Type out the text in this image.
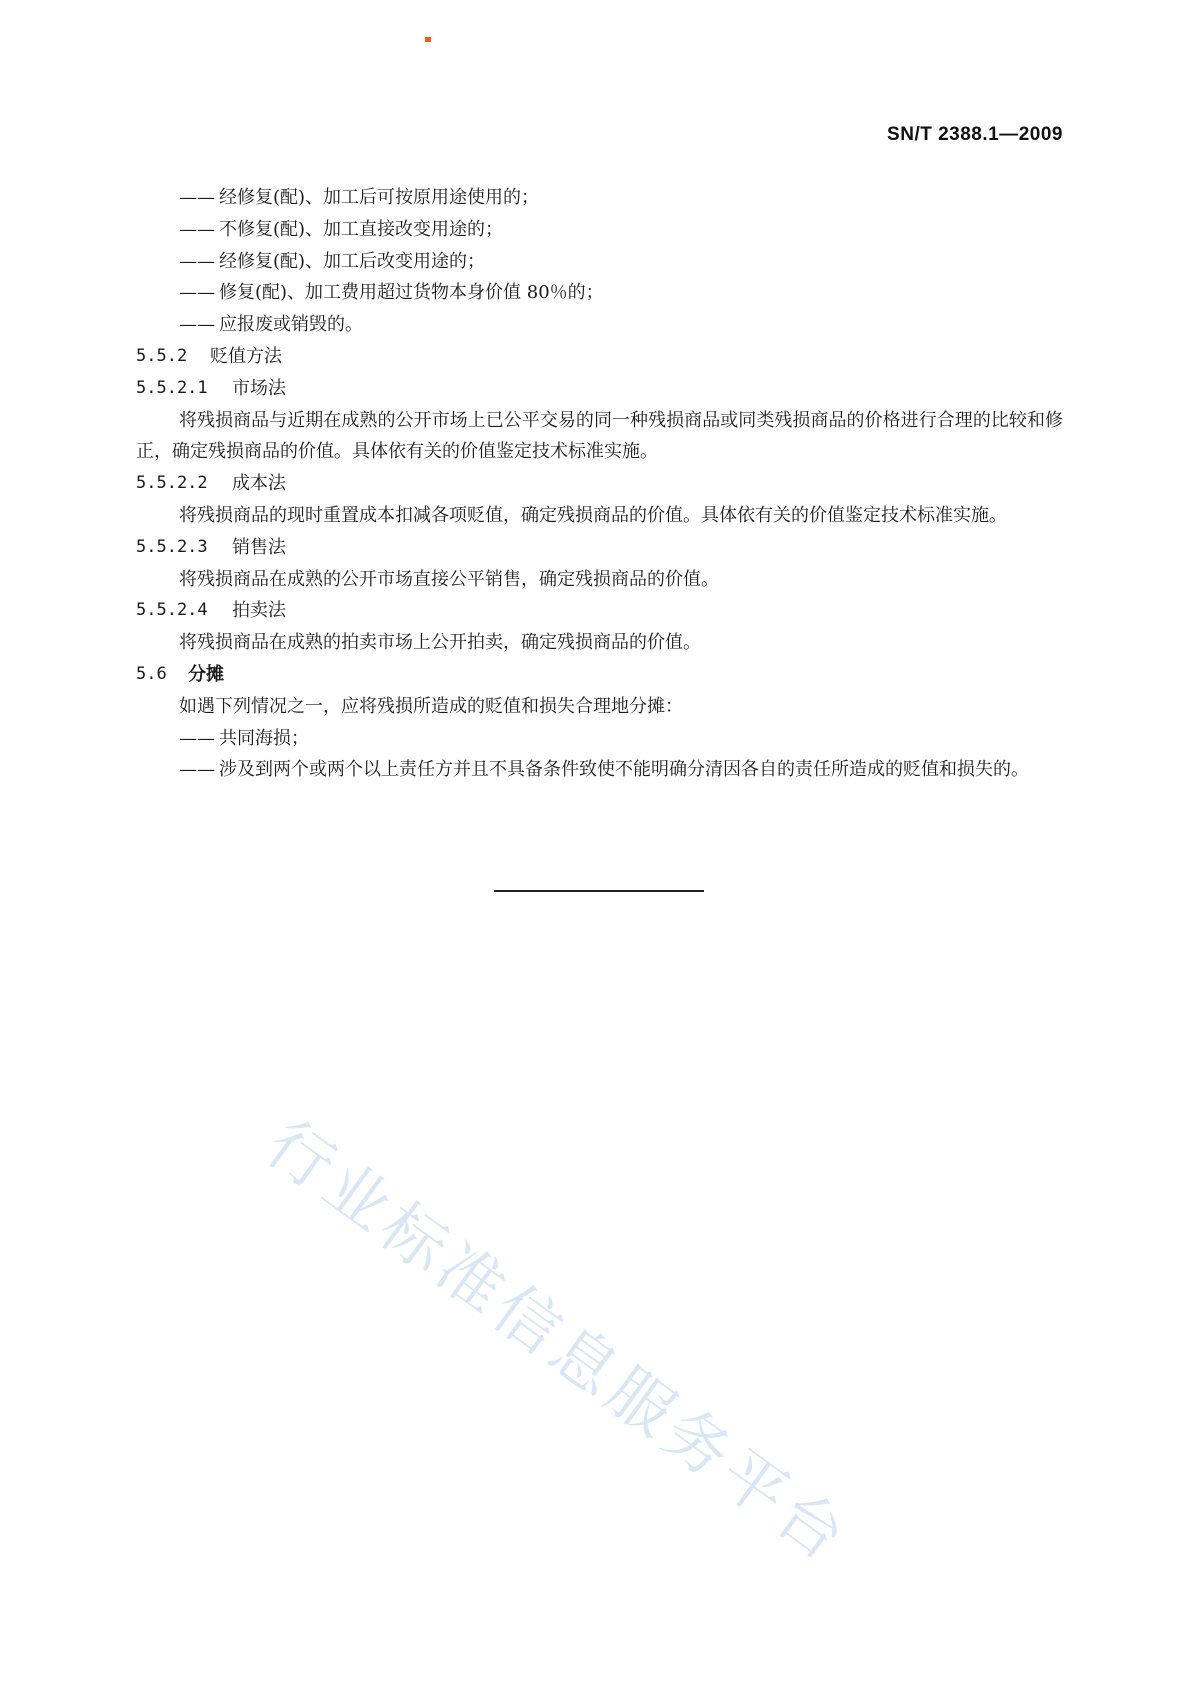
SN/T 2388.1—2009
—— 经修复(配)、加工后可按原用途使用的；
—— 不修复(配)、加工直接改变用途的；
—— 经修复(配)、加工后改变用途的；
—— 修复(配)、加工费用超过货物本身价值 80％的；
—— 应报废或销毁的。
5.5.2	贬值方法
5.5.2.1	市场法
将残损商品与近期在成熟的公开市场上已公平交易的同一种残损商品或同类残损商品的价格进行合理的比较和修正，确定残损商品的价值。具体依有关的价值鉴定技术标准实施。
5.5.2.2	成本法
将残损商品的现时重置成本扣减各项贬值，确定残损商品的价值。具体依有关的价值鉴定技术标准实施。
5.5.2.3	销售法
将残损商品在成熟的公开市场直接公平销售，确定残损商品的价值。
5.5.2.4	拍卖法
将残损商品在成熟的拍卖市场上公开拍卖，确定残损商品的价值。
5.6	分摊
如遇下列情况之一，应将残损所造成的贬值和损失合理地分摊：
—— 共同海损；
—— 涉及到两个或两个以上责任方并且不具备条件致使不能明确分清因各自的责任所造成的贬值和损失的。
行业标准信息服务平台
